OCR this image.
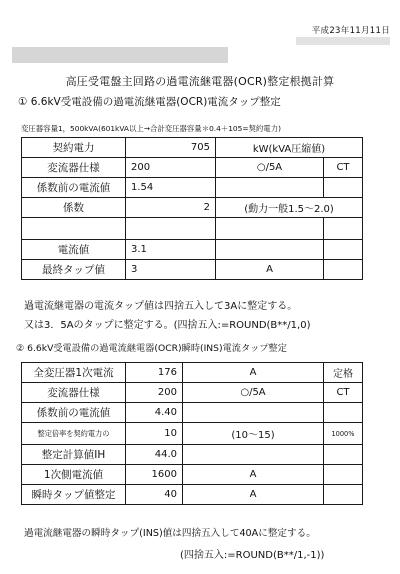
平成23年11月11日
高圧受電盤主回路の過電流継電器(OCR)整定根拠計算
① 6.6kV受電設備の過電流継電器(OCR)電流タップ整定
変圧器容量1，500kVA(601kVA以上→合計変圧器容量＊0.4＋105=契約電力)
契約電力	705	kW(kVA圧縮値)	
変流器仕様	200	○/5A	CT
係数前の電流値	1.54		
係数	2	(動力一般1.5～2.0)	

電流値	3.1		
最終タップ値	3	A	
過電流継電器の電流タップ値は四捨五入して3Aに整定する。
又は3．5Aのタップに整定する。(四捨五入:=ROUND(B**/1,0)
② 6.6kV受電設備の過電流継電器(OCR)瞬時(INS)電流タップ整定
全変圧器1次電流	176	A	定格
変流器仕様	200	○/5A	CT
係数前の電流値	4.40		
整定倍率を契約電力の	10	(10～15)	1000%
整定計算値IH	44.0		
1次側電流値	1600	A	
瞬時タップ値整定	40	A	
過電流継電器の瞬時タップ(INS)値は四捨五入して40Aに整定する。
(四捨五入:=ROUND(B**/1,-1))
